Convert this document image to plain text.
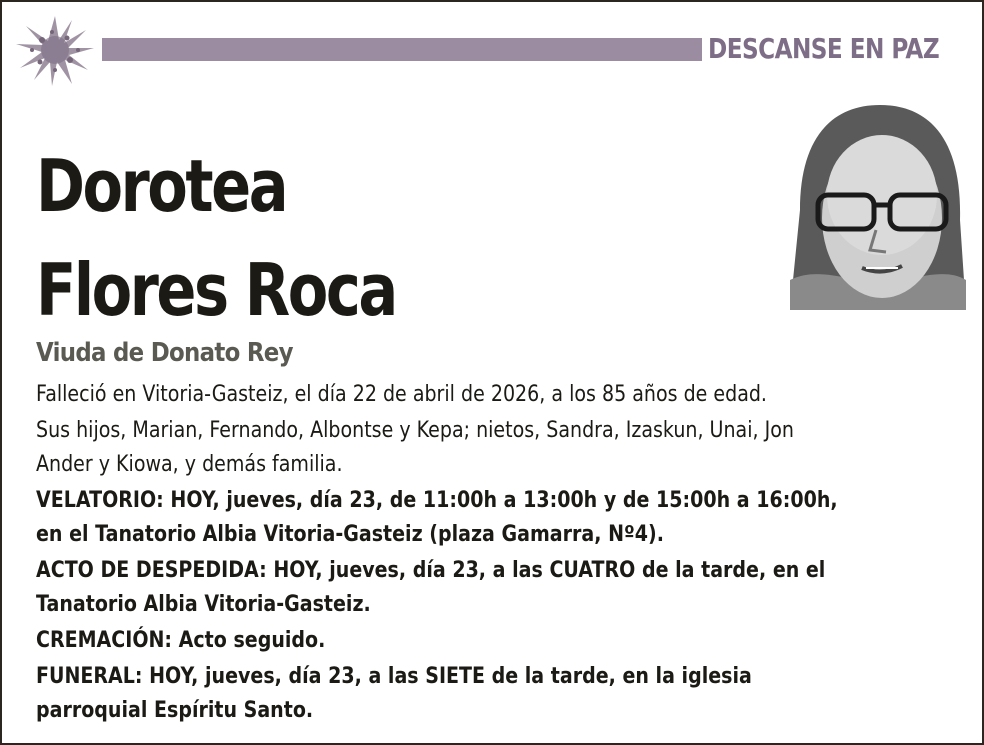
DESCANSE EN PAZ
Dorotea
Flores Roca
Viuda de Donato Rey
Falleció en Vitoria-Gasteiz, el día 22 de abril de 2026, a los 85 años de edad.
Sus hijos, Marian, Fernando, Albontse y Kepa; nietos, Sandra, Izaskun, Unai, Jon
Ander y Kiowa, y demás familia.
VELATORIO: HOY, jueves, día 23, de 11:00h a 13:00h y de 15:00h a 16:00h,
en el Tanatorio Albia Vitoria-Gasteiz (plaza Gamarra, Nº4).
ACTO DE DESPEDIDA: HOY, jueves, día 23, a las CUATRO de la tarde, en el
Tanatorio Albia Vitoria-Gasteiz.
CREMACIÓN: Acto seguido.
FUNERAL: HOY, jueves, día 23, a las SIETE de la tarde, en la iglesia
parroquial Espíritu Santo.
